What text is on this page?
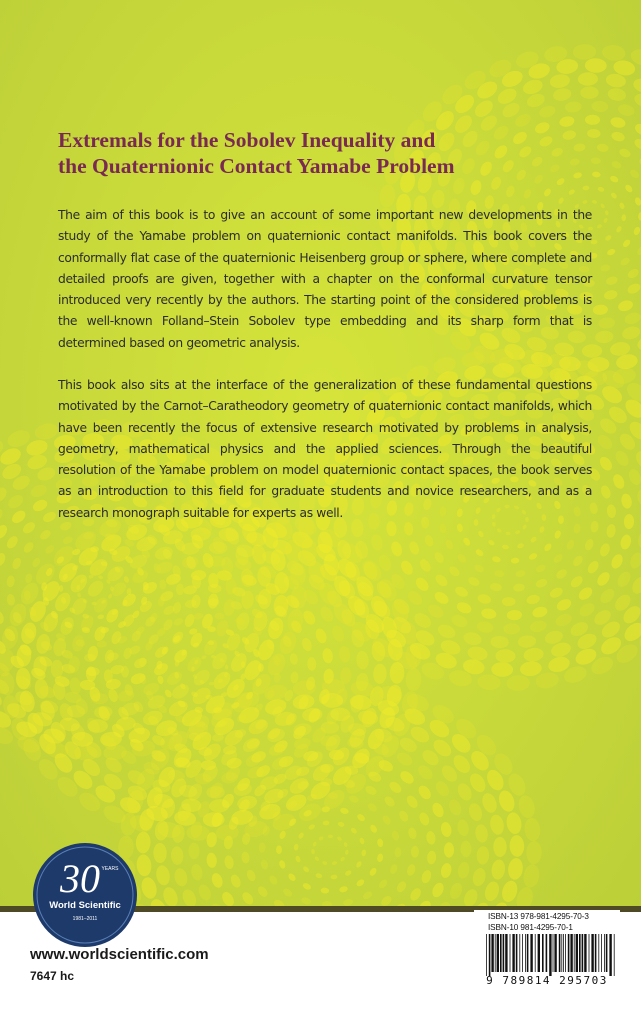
Extremals for the Sobolev Inequality and
the Quaternionic Contact Yamabe Problem

The aim of this book is to give an account of some important new developments in the study of the Yamabe problem on quaternionic contact manifolds. This book covers the conformally flat case of the quaternionic Heisenberg group or sphere, where complete and detailed proofs are given, together with a chapter on the conformal curvature tensor introduced very recently by the authors. The starting point of the considered problems is the well-known Folland–Stein Sobolev type embedding and its sharp form that is determined based on geometric analysis.

This book also sits at the interface of the generalization of these fundamental questions motivated by the Carnot–Caratheodory geometry of quaternionic contact manifolds, which have been recently the focus of extensive research motivated by problems in analysis, geometry, mathematical physics and the applied sciences. Through the beautiful resolution of the Yamabe problem on model quaternionic contact spaces, the book serves as an introduction to this field for graduate students and novice researchers, and as a research monograph suitable for experts as well.

30 YEARS
World Scientific
1981–2011

www.worldscientific.com

7647 hc

ISBN-13 978-981-4295-70-3

ISBN-10 981-4295-70-1

9 789814 295703
